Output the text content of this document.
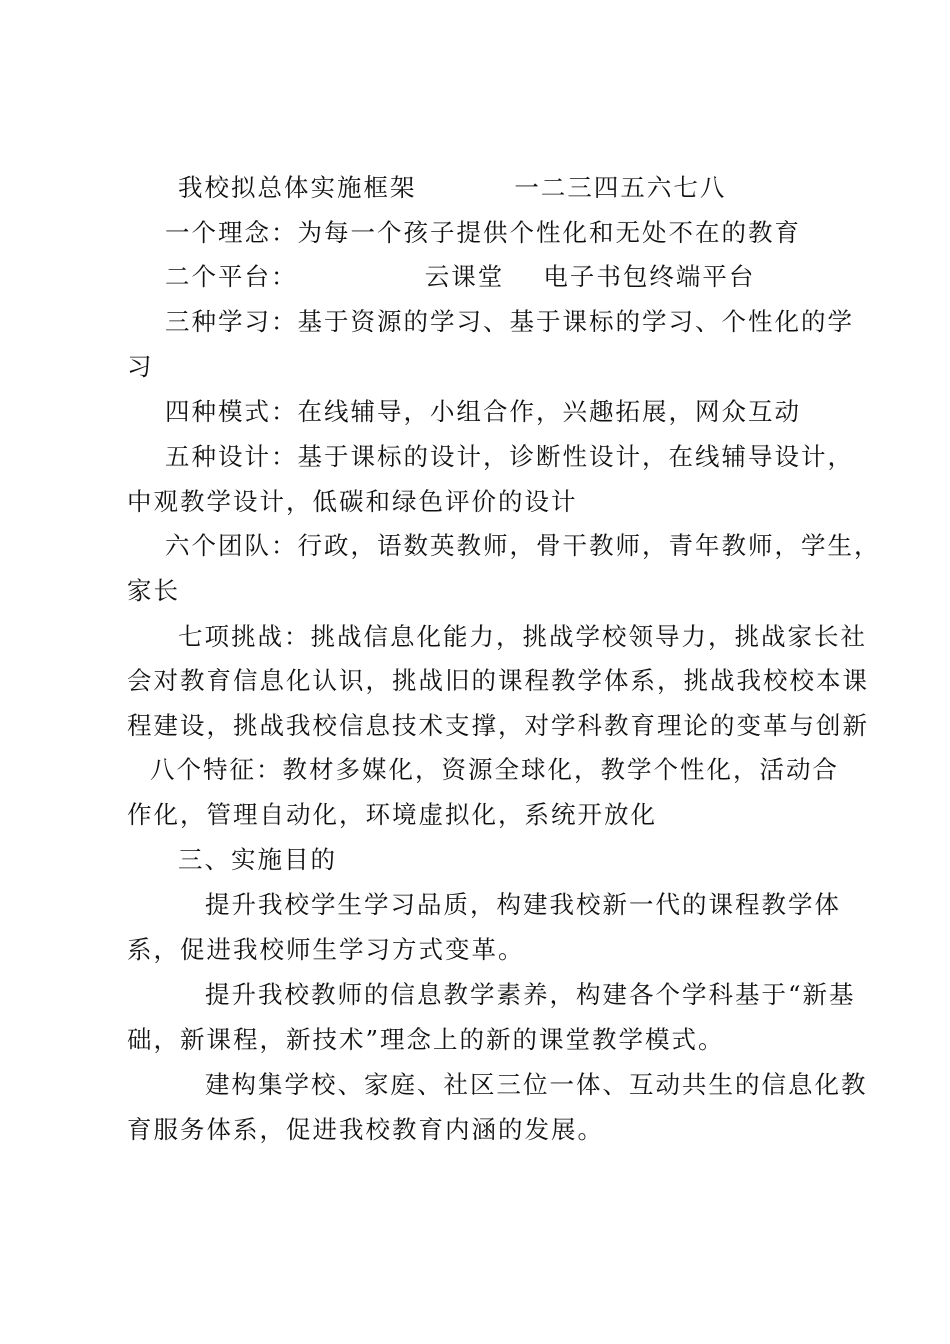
我校拟总体实施框架          一二三四五六七八
一个理念：为每一个孩子提供个性化和无处不在的教育
二个平台：             云课堂    电子书包终端平台
三种学习：基于资源的学习、基于课标的学习、个性化的学
习
四种模式：在线辅导，小组合作，兴趣拓展，网众互动
五种设计：基于课标的设计，诊断性设计，在线辅导设计，
中观教学设计，低碳和绿色评价的设计
六个团队：行政，语数英教师，骨干教师，青年教师，学生，
家长
七项挑战：挑战信息化能力，挑战学校领导力，挑战家长社
会对教育信息化认识，挑战旧的课程教学体系，挑战我校校本课
程建设，挑战我校信息技术支撑，对学科教育理论的变革与创新
八个特征：教材多媒化，资源全球化，教学个性化，活动合
作化，管理自动化，环境虚拟化，系统开放化
三、实施目的
提升我校学生学习品质，构建我校新一代的课程教学体
系，促进我校师生学习方式变革。
提升我校教师的信息教学素养，构建各个学科基于“新基
础，新课程，新技术”理念上的新的课堂教学模式。
建构集学校、家庭、社区三位一体、互动共生的信息化教
育服务体系，促进我校教育内涵的发展。
